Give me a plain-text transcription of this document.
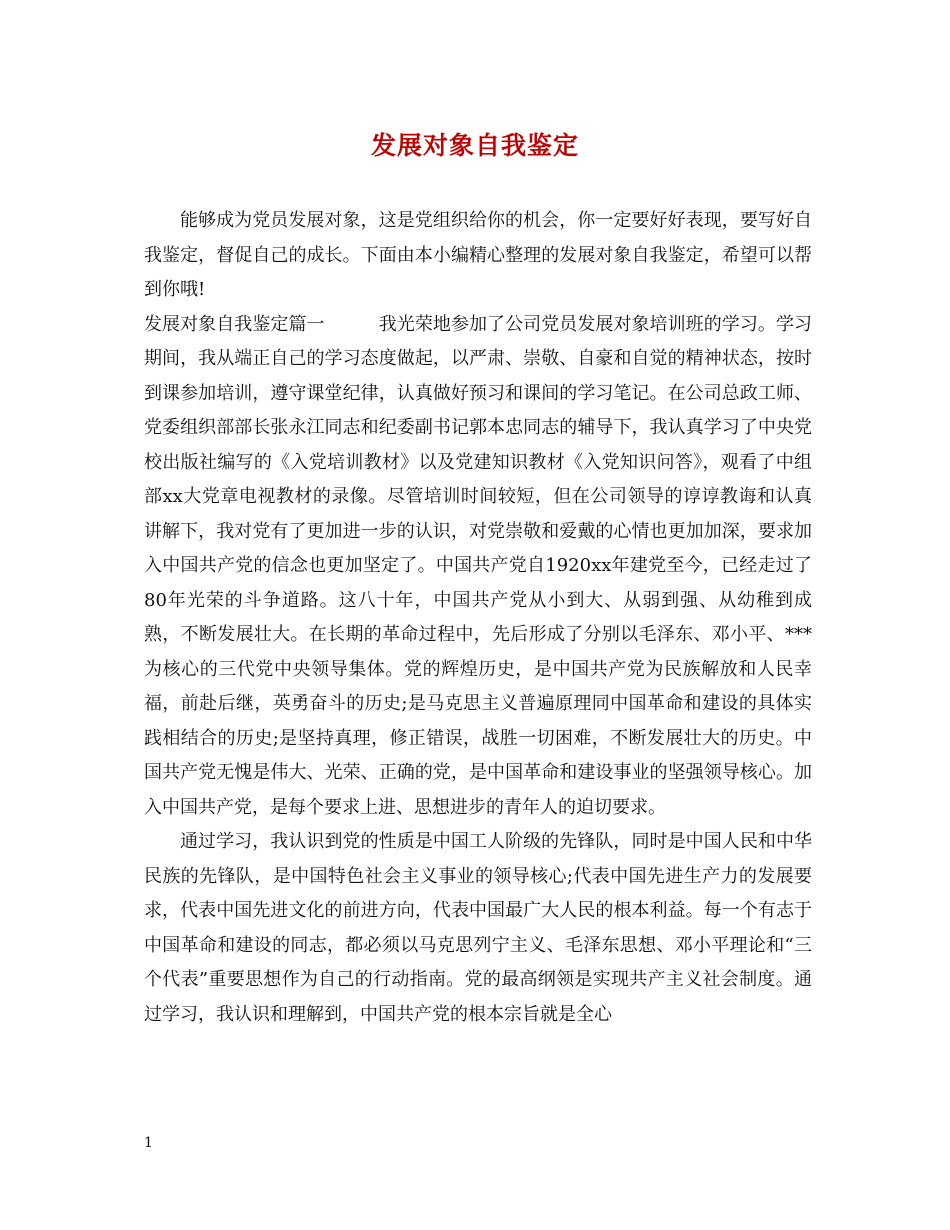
发展对象自我鉴定

能够成为党员发展对象，这是党组织给你的机会，你一定要好好表现，要写好自我鉴定，督促自己的成长。下面由本小编精心整理的发展对象自我鉴定，希望可以帮到你哦!

发展对象自我鉴定篇一　　　我光荣地参加了公司党员发展对象培训班的学习。学习期间，我从端正自己的学习态度做起，以严肃、崇敬、自豪和自觉的精神状态，按时到课参加培训，遵守课堂纪律，认真做好预习和课间的学习笔记。在公司总政工师、党委组织部部长张永江同志和纪委副书记郭本忠同志的辅导下，我认真学习了中央党校出版社编写的《入党培训教材》以及党建知识教材《入党知识问答》，观看了中组部xx大党章电视教材的录像。尽管培训时间较短，但在公司领导的谆谆教诲和认真讲解下，我对党有了更加进一步的认识，对党崇敬和爱戴的心情也更加加深，要求加入中国共产党的信念也更加坚定了。中国共产党自1920xx年建党至今，已经走过了80年光荣的斗争道路。这八十年，中国共产党从小到大、从弱到强、从幼稚到成熟，不断发展壮大。在长期的革命过程中，先后形成了分别以毛泽东、邓小平、***为核心的三代党中央领导集体。党的辉煌历史，是中国共产党为民族解放和人民幸福，前赴后继，英勇奋斗的历史;是马克思主义普遍原理同中国革命和建设的具体实践相结合的历史;是坚持真理，修正错误，战胜一切困难，不断发展壮大的历史。中国共产党无愧是伟大、光荣、正确的党，是中国革命和建设事业的坚强领导核心。加入中国共产党，是每个要求上进、思想进步的青年人的迫切要求。

通过学习，我认识到党的性质是中国工人阶级的先锋队，同时是中国人民和中华民族的先锋队，是中国特色社会主义事业的领导核心;代表中国先进生产力的发展要求，代表中国先进文化的前进方向，代表中国最广大人民的根本利益。每一个有志于中国革命和建设的同志，都必须以马克思列宁主义、毛泽东思想、邓小平理论和“三个代表”重要思想作为自己的行动指南。党的最高纲领是实现共产主义社会制度。通过学习，我认识和理解到，中国共产党的根本宗旨就是全心

1
